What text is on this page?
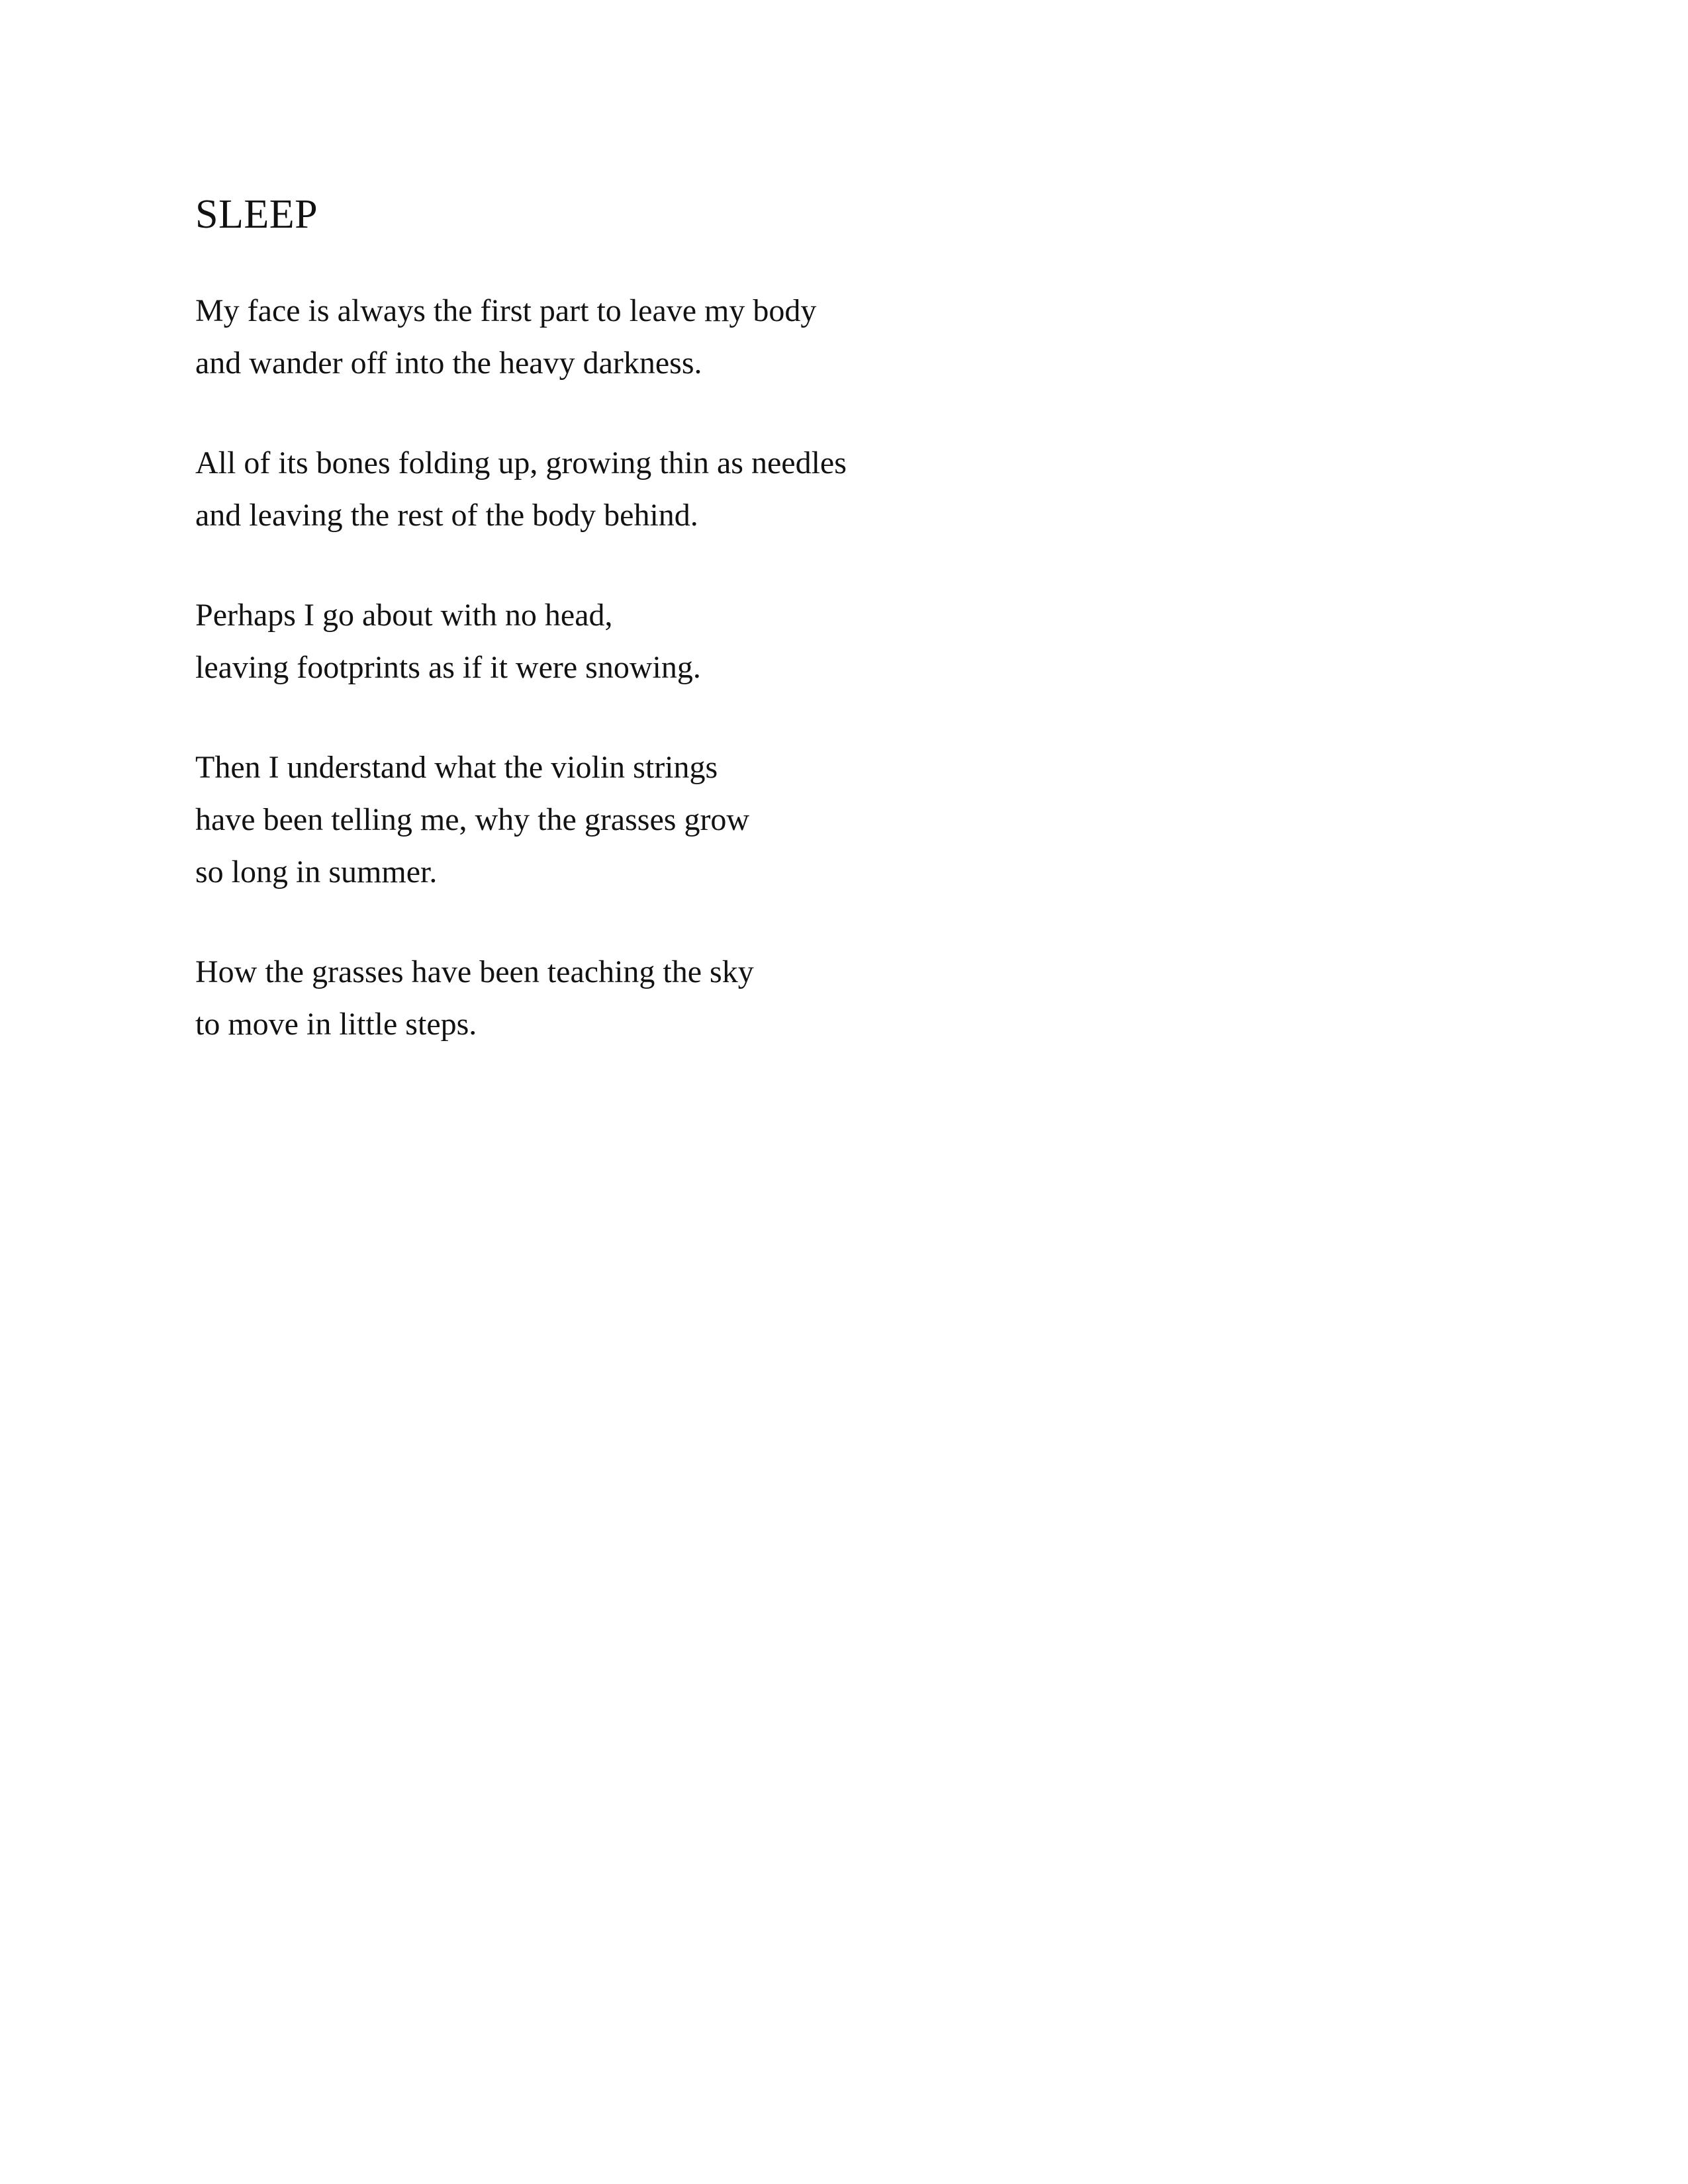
SLEEP
My face is always the first part to leave my body
and wander off into the heavy darkness.
All of its bones folding up, growing thin as needles
and leaving the rest of the body behind.
Perhaps I go about with no head,
leaving footprints as if it were snowing.
Then I understand what the violin strings
have been telling me, why the grasses grow
so long in summer.
How the grasses have been teaching the sky
to move in little steps.
